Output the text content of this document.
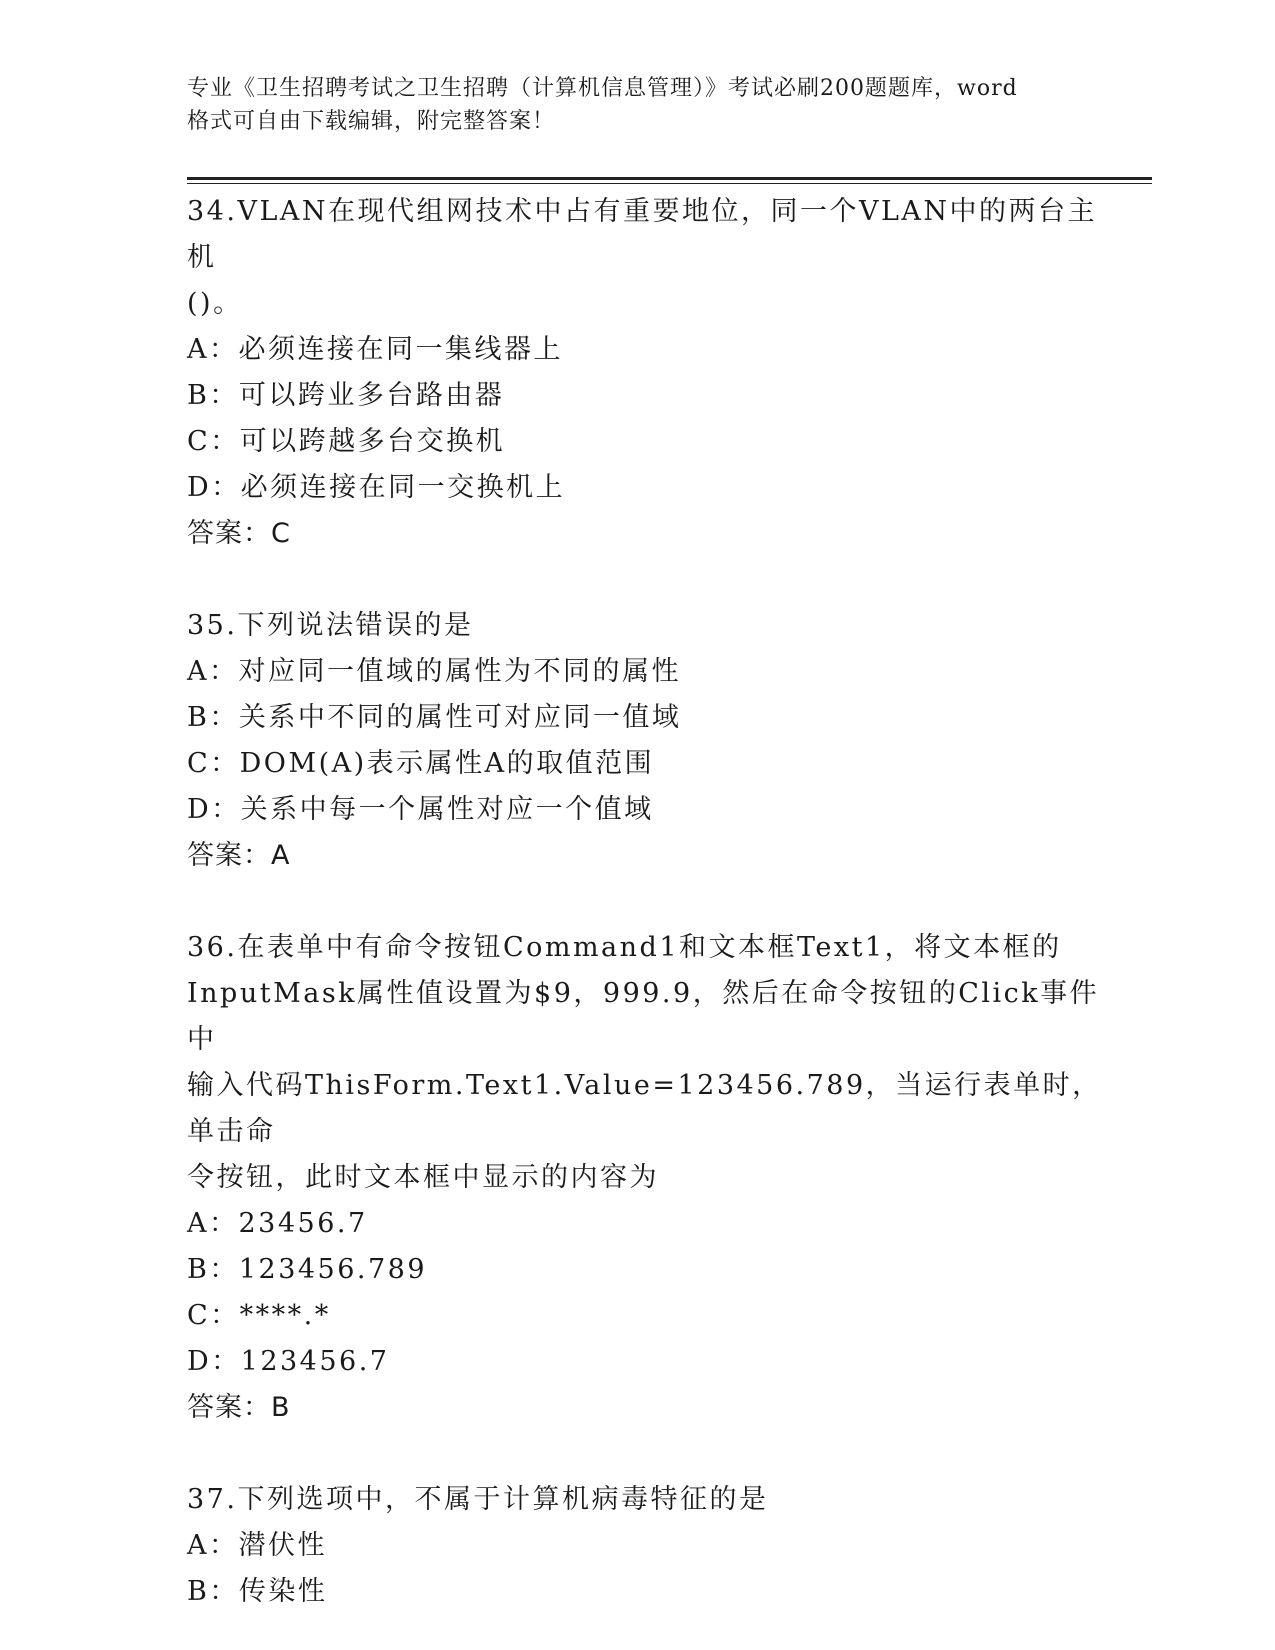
专业《卫生招聘考试之卫生招聘（计算机信息管理）》考试必刷200题题库，word
格式可自由下载编辑，附完整答案！
34.VLAN在现代组网技术中占有重要地位，同一个VLAN中的两台主机
()。
A：必须连接在同一集线器上
B：可以跨业多台路由器
C：可以跨越多台交换机
D：必须连接在同一交换机上
答案：C
35.下列说法错误的是
A：对应同一值域的属性为不同的属性
B：关系中不同的属性可对应同一值域
C：DOM(A)表示属性A的取值范围
D：关系中每一个属性对应一个值域
答案：A
36.在表单中有命令按钮Command1和文本框Text1，将文本框的
InputMask属性值设置为$9，999.9，然后在命令按钮的Click事件中
输入代码ThisForm.Text1.Value=123456.789，当运行表单时，单击命
令按钮，此时文本框中显示的内容为
A：23456.7
B：123456.789
C：****.*
D：123456.7
答案：B
37.下列选项中，不属于计算机病毒特征的是
A：潜伏性
B：传染性
